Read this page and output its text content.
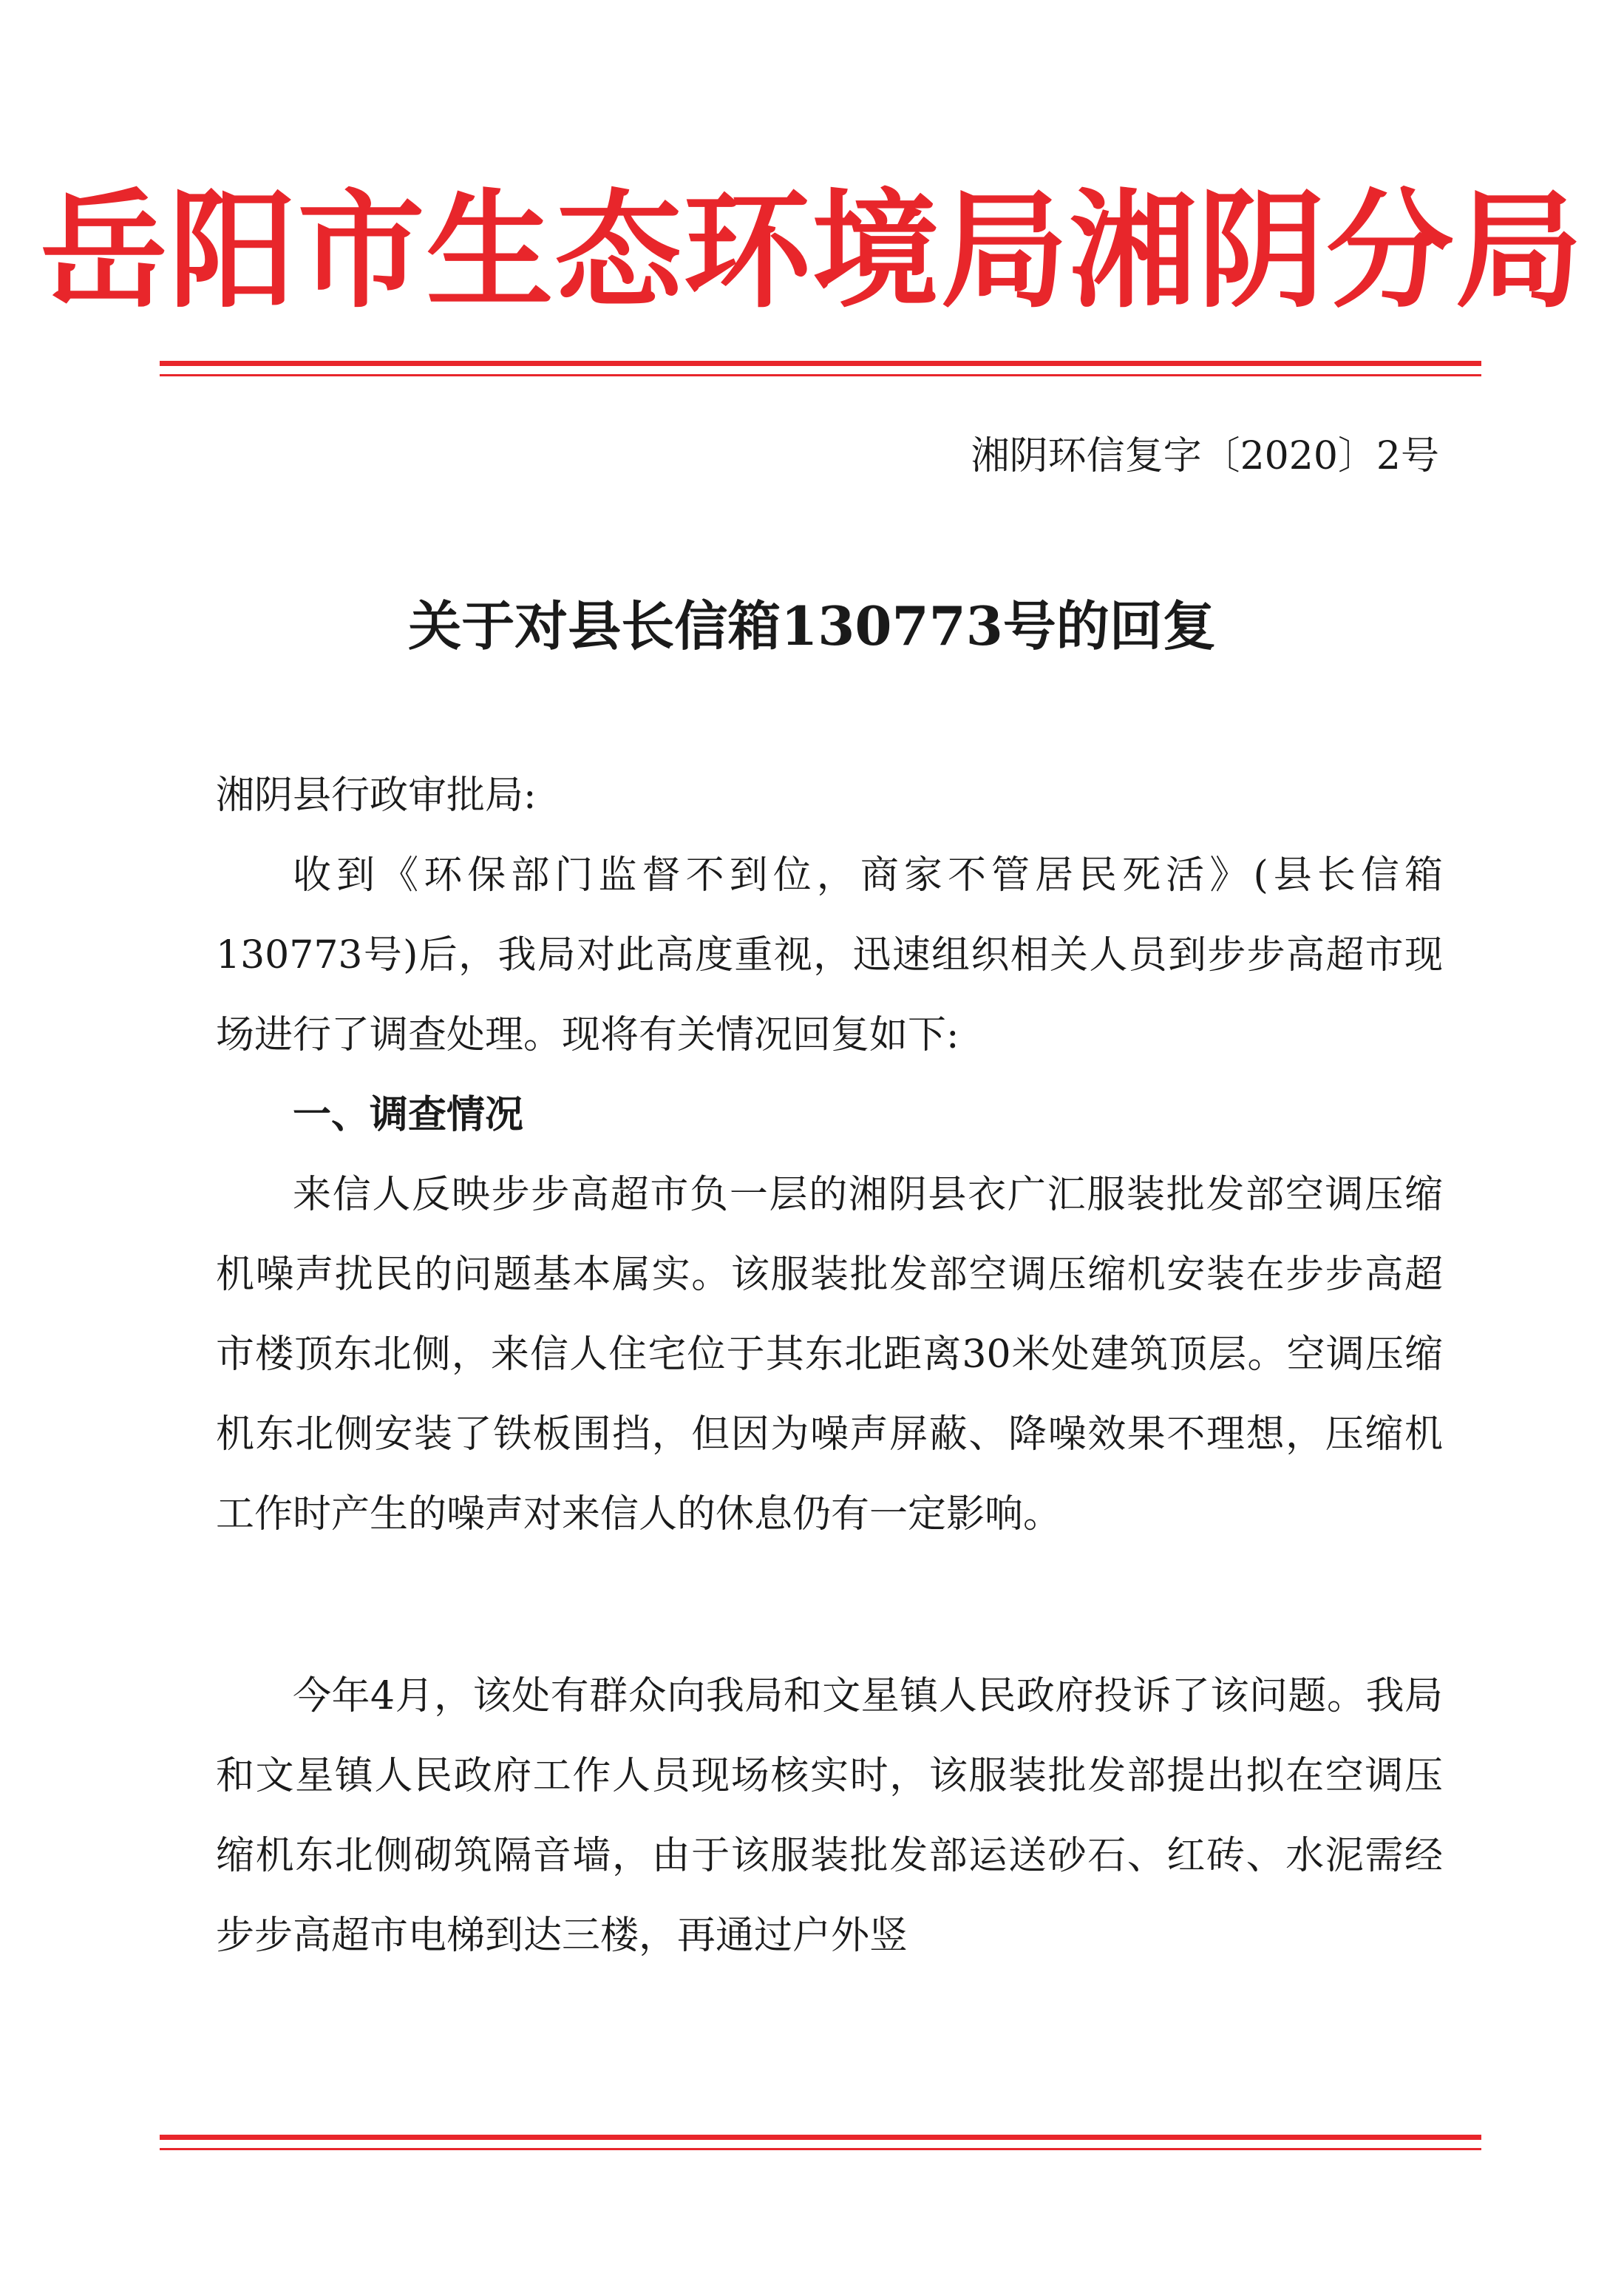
岳阳市生态环境局湘阴分局
湘阴环信复字〔2020〕2号
关于对县长信箱130773号的回复
湘阴县行政审批局:

收到《环保部门监督不到位，商家不管居民死活》(县长信箱130773号)后，我局对此高度重视，迅速组织相关人员到步步高超市现场进行了调查处理。现将有关情况回复如下:

一、调查情况

来信人反映步步高超市负一层的湘阴县衣广汇服装批发部空调压缩机噪声扰民的问题基本属实。该服装批发部空调压缩机安装在步步高超市楼顶东北侧，来信人住宅位于其东北距离30米处建筑顶层。空调压缩机东北侧安装了铁板围挡，但因为噪声屏蔽、降噪效果不理想，压缩机工作时产生的噪声对来信人的休息仍有一定影响。

今年4月，该处有群众向我局和文星镇人民政府投诉了该问题。我局和文星镇人民政府工作人员现场核实时，该服装批发部提出拟在空调压缩机东北侧砌筑隔音墙，由于该服装批发部运送砂石、红砖、水泥需经步步高超市电梯到达三楼，再通过户外竖
